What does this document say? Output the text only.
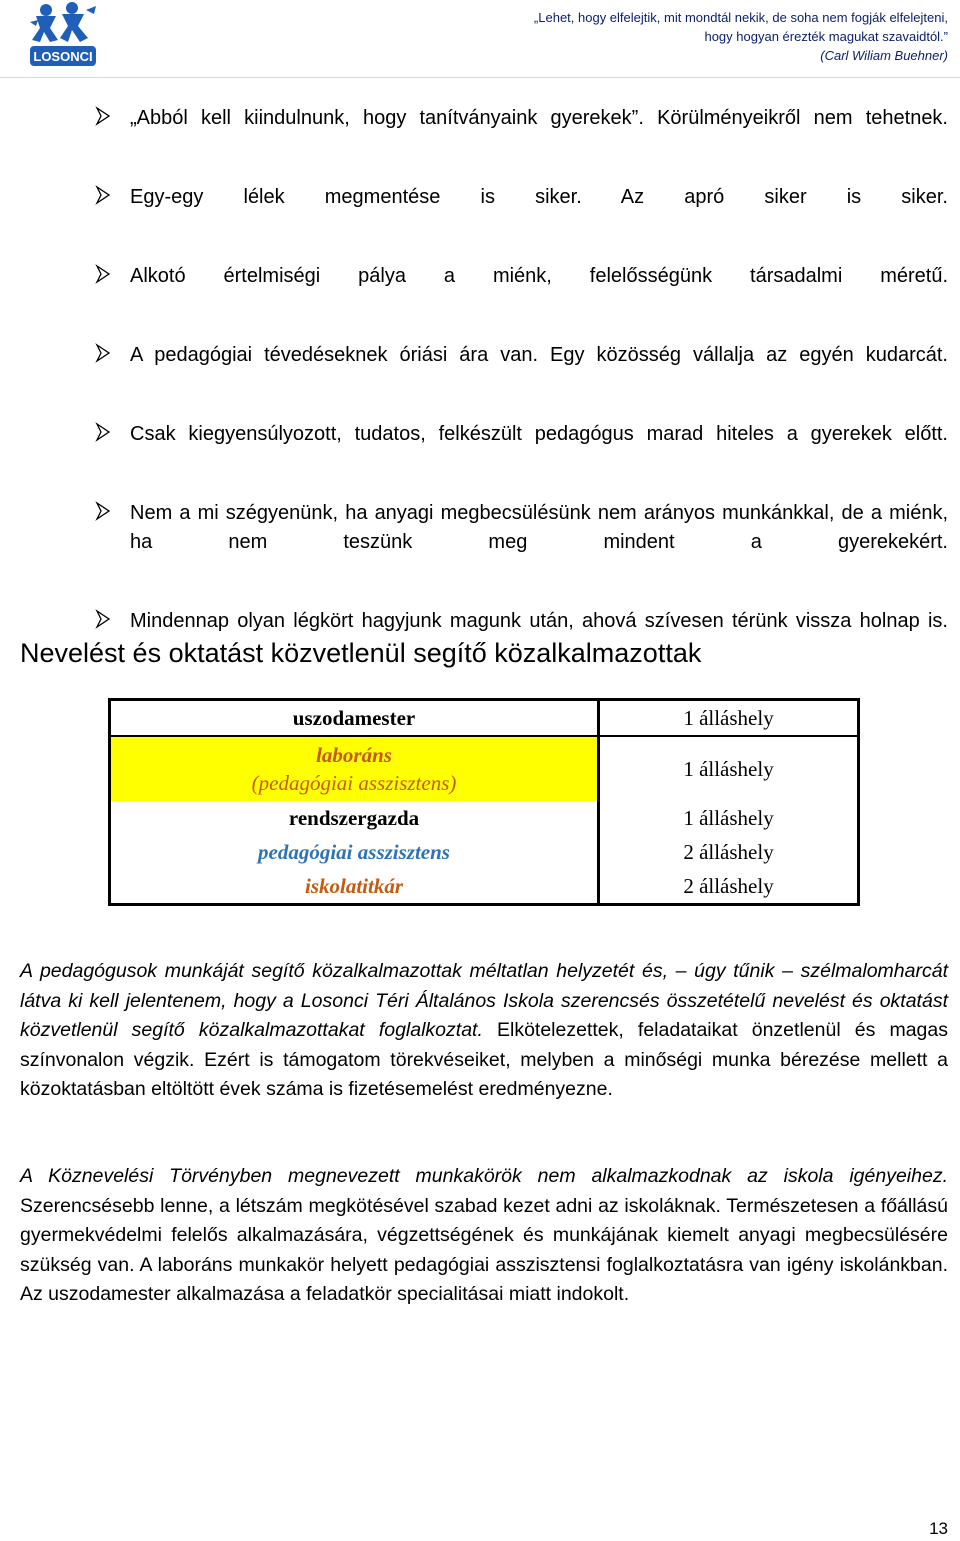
LOSONCI
„Lehet, hogy elfelejtik, mit mondtál nekik, de soha nem fogják elfelejteni,
hogy hogyan érezték magukat szavaidtól.”
(Carl Wiliam Buehner)
„Abból kell kiindulnunk, hogy tanítványaink gyerekek”. Körülményeikről nem tehetnek.
Egy-egy lélek megmentése is siker. Az apró siker is siker.
Alkotó értelmiségi pálya a miénk, felelősségünk társadalmi méretű.
A pedagógiai tévedéseknek óriási ára van. Egy közösség vállalja az egyén kudarcát.
Csak kiegyensúlyozott, tudatos, felkészült pedagógus marad hiteles a gyerekek előtt.
Nem a mi szégyenünk, ha anyagi megbecsülésünk nem arányos munkánkkal, de a miénk, ha nem teszünk meg mindent a gyerekekért.
Mindennap olyan légkört hagyjunk magunk után, ahová szívesen térünk vissza holnap is.
Nevelést és oktatást közvetlenül segítő közalkalmazottak
uszodamester	1 álláshely

laboráns
(pedagógiai asszisztens)	1 álláshely
rendszergazda	1 álláshely
pedagógiai asszisztens	2 álláshely
iskolatitkár	2 álláshely

A pedagógusok munkáját segítő közalkalmazottak méltatlan helyzetét és, – úgy tűnik – szélmalomharcát látva ki kell jelentenem, hogy a Losonci Téri Általános Iskola szerencsés összetételű nevelést és oktatást közvetlenül segítő közalkalmazottakat foglalkoztat. Elkötelezettek, feladataikat önzetlenül és magas színvonalon végzik. Ezért is támogatom törekvéseiket, melyben a minőségi munka bérezése mellett a közoktatásban eltöltött évek száma is fizetésemelést eredményezne.

A Köznevelési Törvényben megnevezett munkakörök nem alkalmazkodnak az iskola igényeihez. Szerencsésebb lenne, a létszám megkötésével szabad kezet adni az iskoláknak. Természetesen a főállású gyermekvédelmi felelős alkalmazására, végzettségének és munkájának kiemelt anyagi megbecsülésére szükség van. A laboráns munkakör helyett pedagógiai asszisztensi foglalkoztatásra van igény iskolánkban. Az uszodamester alkalmazása a feladatkör specialitásai miatt indokolt.

13
